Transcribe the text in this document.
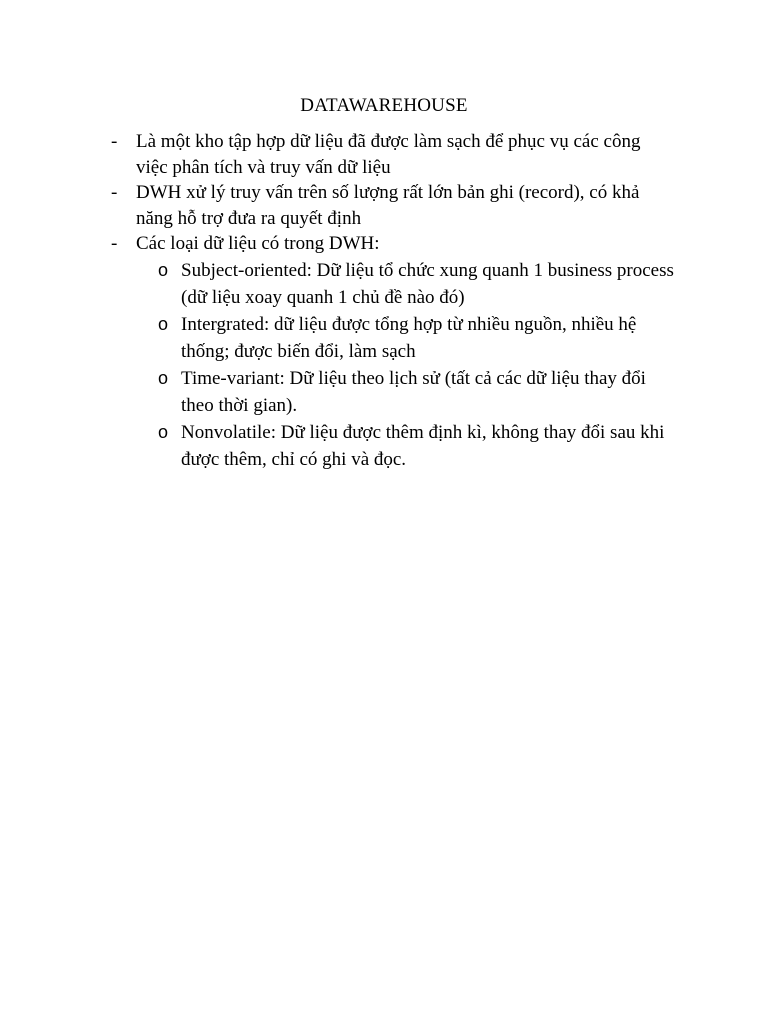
DATAWAREHOUSE
- Là một kho tập hợp dữ liệu đã được làm sạch để phục vụ các công việc phân tích và truy vấn dữ liệu
- DWH xử lý truy vấn trên số lượng rất lớn bản ghi (record), có khả năng hỗ trợ đưa ra quyết định
- Các loại dữ liệu có trong DWH:
o Subject-oriented: Dữ liệu tổ chức xung quanh 1 business process (dữ liệu xoay quanh 1 chủ đề nào đó)
o Intergrated: dữ liệu được tổng hợp từ nhiều nguồn, nhiều hệ thống; được biến đổi, làm sạch
o Time-variant: Dữ liệu theo lịch sử (tất cả các dữ liệu thay đổi theo thời gian).
o Nonvolatile: Dữ liệu được thêm định kì, không thay đổi sau khi được thêm, chỉ có ghi và đọc.
